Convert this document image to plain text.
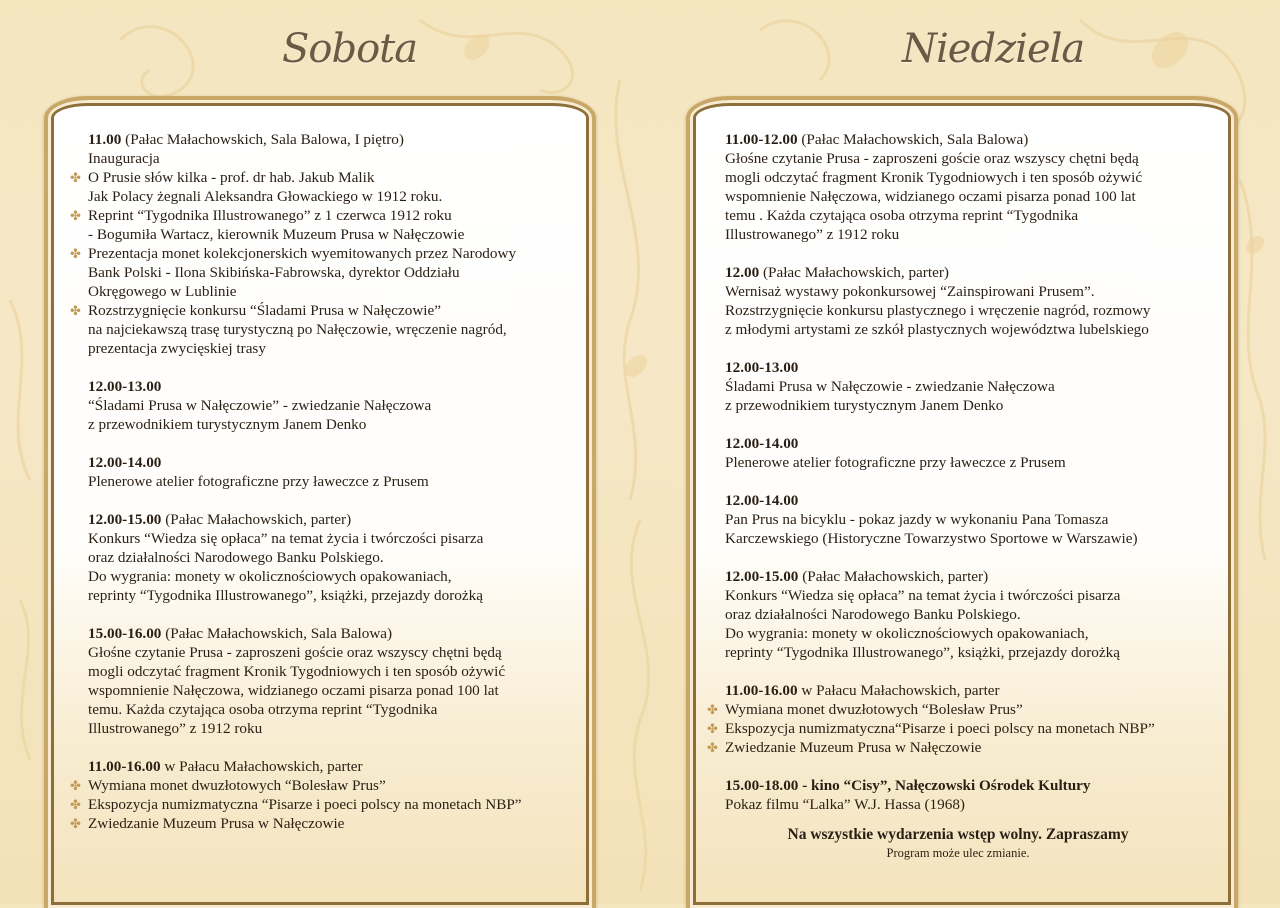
Sobota	Niedziela
11.00 (Pałac Małachowskich, Sala Balowa, I piętro)
Inauguracja
✤ O Prusie słów kilka - prof. dr hab. Jakub Malik
Jak Polacy żegnali Aleksandra Głowackiego w 1912 roku.
✤ Reprint “Tygodnika Illustrowanego” z 1 czerwca 1912 roku
- Bogumiła Wartacz, kierownik Muzeum Prusa w Nałęczowie
✤ Prezentacja monet kolekcjonerskich wyemitowanych przez Narodowy
Bank Polski - Ilona Skibińska-Fabrowska, dyrektor Oddziału
Okręgowego w Lublinie
✤ Rozstrzygnięcie konkursu “Śladami Prusa w Nałęczowie”
na najciekawszą trasę turystyczną po Nałęczowie, wręczenie nagród,
prezentacja zwycięskiej trasy
12.00-13.00
“Śladami Prusa w Nałęczowie” - zwiedzanie Nałęczowa
z przewodnikiem turystycznym Janem Denko
12.00-14.00
Plenerowe atelier fotograficzne przy ławeczce z Prusem
12.00-15.00 (Pałac Małachowskich, parter)
Konkurs “Wiedza się opłaca” na temat życia i twórczości pisarza
oraz działalności Narodowego Banku Polskiego.
Do wygrania: monety w okolicznościowych opakowaniach,
reprinty “Tygodnika Illustrowanego”, książki, przejazdy dorożką
15.00-16.00 (Pałac Małachowskich, Sala Balowa)
Głośne czytanie Prusa - zaproszeni goście oraz wszyscy chętni będą
mogli odczytać fragment Kronik Tygodniowych i ten sposób ożywić
wspomnienie Nałęczowa, widzianego oczami pisarza ponad 100 lat
temu. Każda czytająca osoba otrzyma reprint “Tygodnika
Illustrowanego” z 1912 roku
11.00-16.00 w Pałacu Małachowskich, parter
✤ Wymiana monet dwuzłotowych “Bolesław Prus”
✤ Ekspozycja numizmatyczna “Pisarze i poeci polscy na monetach NBP”
✤ Zwiedzanie Muzeum Prusa w Nałęczowie
11.00-12.00 (Pałac Małachowskich, Sala Balowa)
Głośne czytanie Prusa - zaproszeni goście oraz wszyscy chętni będą
mogli odczytać fragment Kronik Tygodniowych i ten sposób ożywić
wspomnienie Nałęczowa, widzianego oczami pisarza ponad 100 lat
temu . Każda czytająca osoba otrzyma reprint “Tygodnika
Illustrowanego” z 1912 roku
12.00 (Pałac Małachowskich, parter)
Wernisaż wystawy pokonkursowej “Zainspirowani Prusem”.
Rozstrzygnięcie konkursu plastycznego i wręczenie nagród, rozmowy
z młodymi artystami ze szkół plastycznych województwa lubelskiego
12.00-13.00
Śladami Prusa w Nałęczowie - zwiedzanie Nałęczowa
z przewodnikiem turystycznym Janem Denko
12.00-14.00
Plenerowe atelier fotograficzne przy ławeczce z Prusem
12.00-14.00
Pan Prus na bicyklu - pokaz jazdy w wykonaniu Pana Tomasza
Karczewskiego (Historyczne Towarzystwo Sportowe w Warszawie)
12.00-15.00 (Pałac Małachowskich, parter)
Konkurs “Wiedza się opłaca” na temat życia i twórczości pisarza
oraz działalności Narodowego Banku Polskiego.
Do wygrania: monety w okolicznościowych opakowaniach,
reprinty “Tygodnika Illustrowanego”, książki, przejazdy dorożką
11.00-16.00 w Pałacu Małachowskich, parter
✤ Wymiana monet dwuzłotowych “Bolesław Prus”
✤ Ekspozycja numizmatyczna“Pisarze i poeci polscy na monetach NBP”
✤ Zwiedzanie Muzeum Prusa w Nałęczowie
15.00-18.00 - kino “Cisy”, Nałęczowski Ośrodek Kultury
Pokaz filmu “Lalka” W.J. Hassa (1968)
Na wszystkie wydarzenia wstęp wolny. Zapraszamy
Program może ulec zmianie.
